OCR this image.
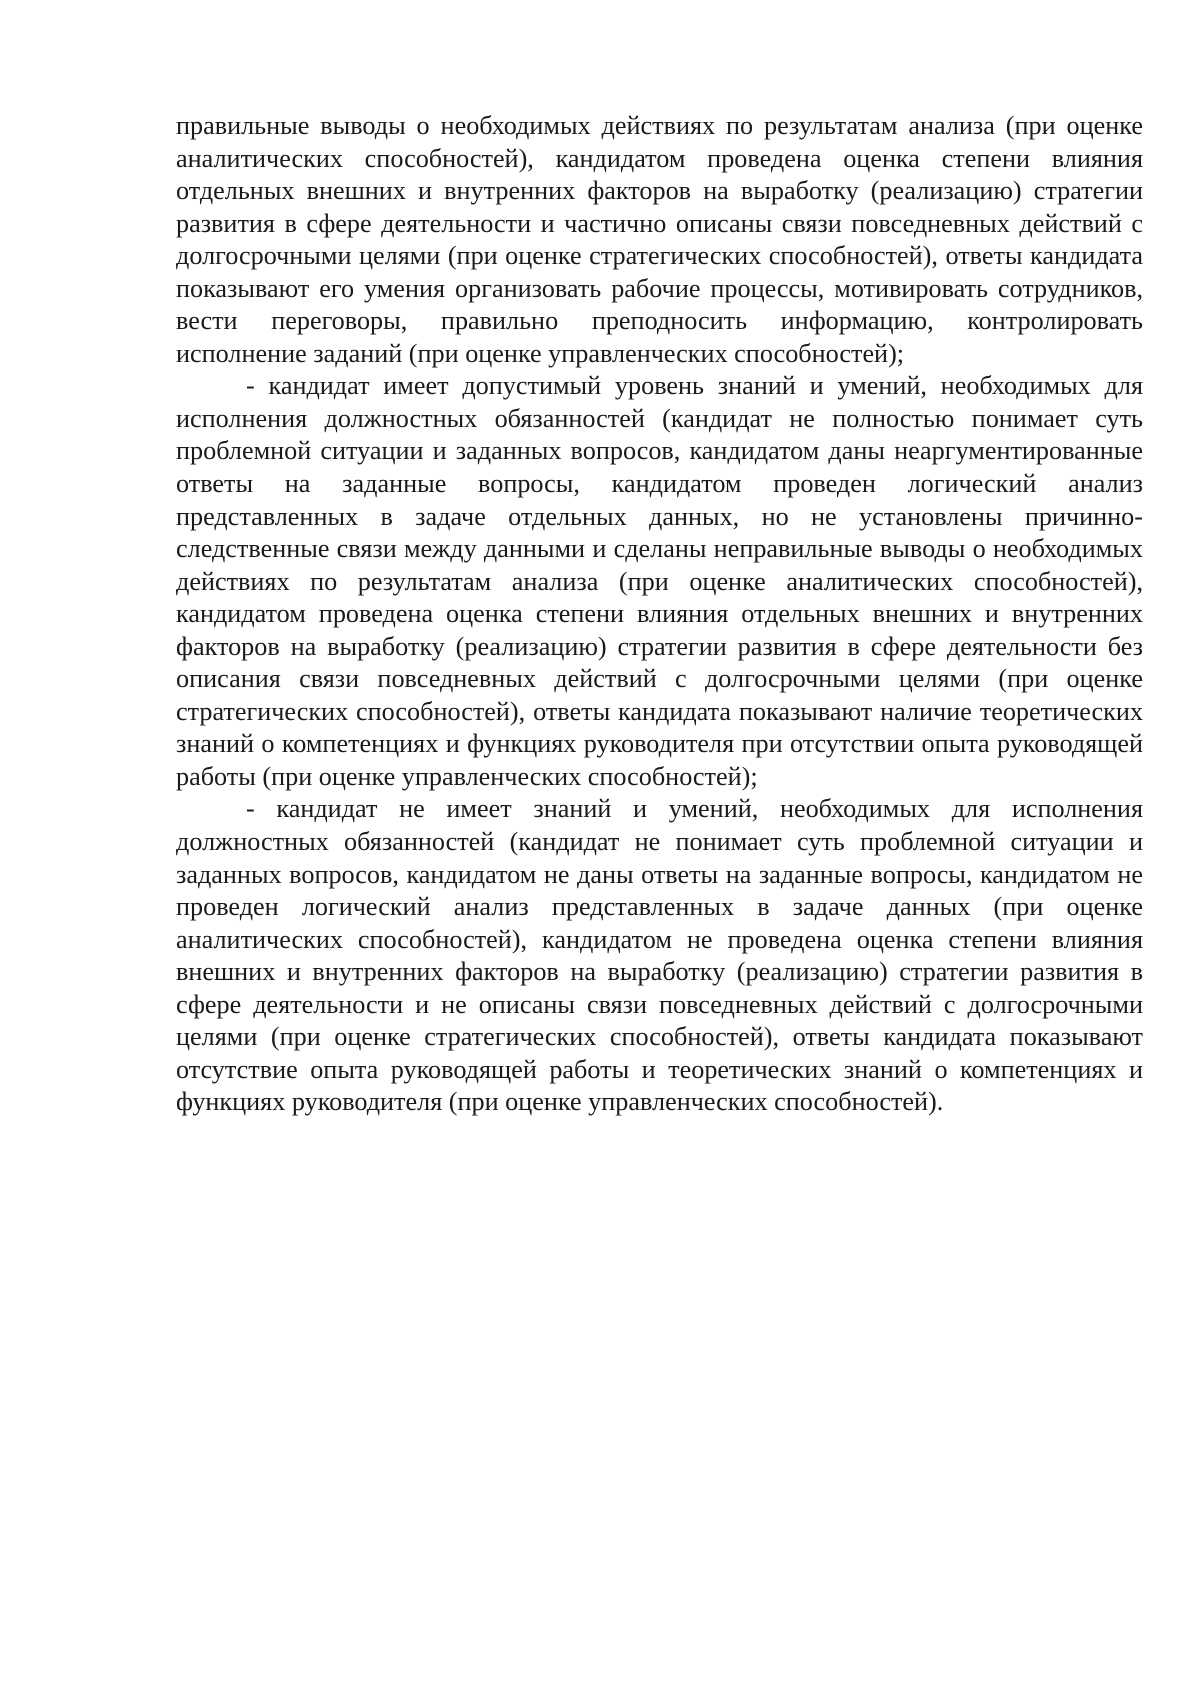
правильные выводы о необходимых действиях по результатам анализа (при оценке аналитических способностей), кандидатом проведена оценка степени влияния отдельных внешних и внутренних факторов на выработку (реализацию) стратегии развития в сфере деятельности и частично описаны связи повседневных действий с долгосрочными целями (при оценке стратегических способностей), ответы кандидата показывают его умения организовать рабочие процессы, мотивировать сотрудников, вести переговоры, правильно преподносить информацию, контролировать исполнение заданий (при оценке управленческих способностей);

- кандидат имеет допустимый уровень знаний и умений, необходимых для исполнения должностных обязанностей (кандидат не полностью понимает суть проблемной ситуации и заданных вопросов, кандидатом даны неаргументированные ответы на заданные вопросы, кандидатом проведен логический анализ представленных в задаче отдельных данных, но не установлены причинно-следственные связи между данными и сделаны неправильные выводы о необходимых действиях по результатам анализа (при оценке аналитических способностей), кандидатом проведена оценка степени влияния отдельных внешних и внутренних факторов на выработку (реализацию) стратегии развития в сфере деятельности без описания связи повседневных действий с долгосрочными целями (при оценке стратегических способностей), ответы кандидата показывают наличие теоретических знаний о компетенциях и функциях руководителя при отсутствии опыта руководящей работы (при оценке управленческих способностей);

- кандидат не имеет знаний и умений, необходимых для исполнения должностных обязанностей (кандидат не понимает суть проблемной ситуации и заданных вопросов, кандидатом не даны ответы на заданные вопросы, кандидатом не проведен логический анализ представленных в задаче данных (при оценке аналитических способностей), кандидатом не проведена оценка степени влияния внешних и внутренних факторов на выработку (реализацию) стратегии развития в сфере деятельности и не описаны связи повседневных действий с долгосрочными целями (при оценке стратегических способностей), ответы кандидата показывают отсутствие опыта руководящей работы и теоретических знаний о компетенциях и функциях руководителя (при оценке управленческих способностей).
